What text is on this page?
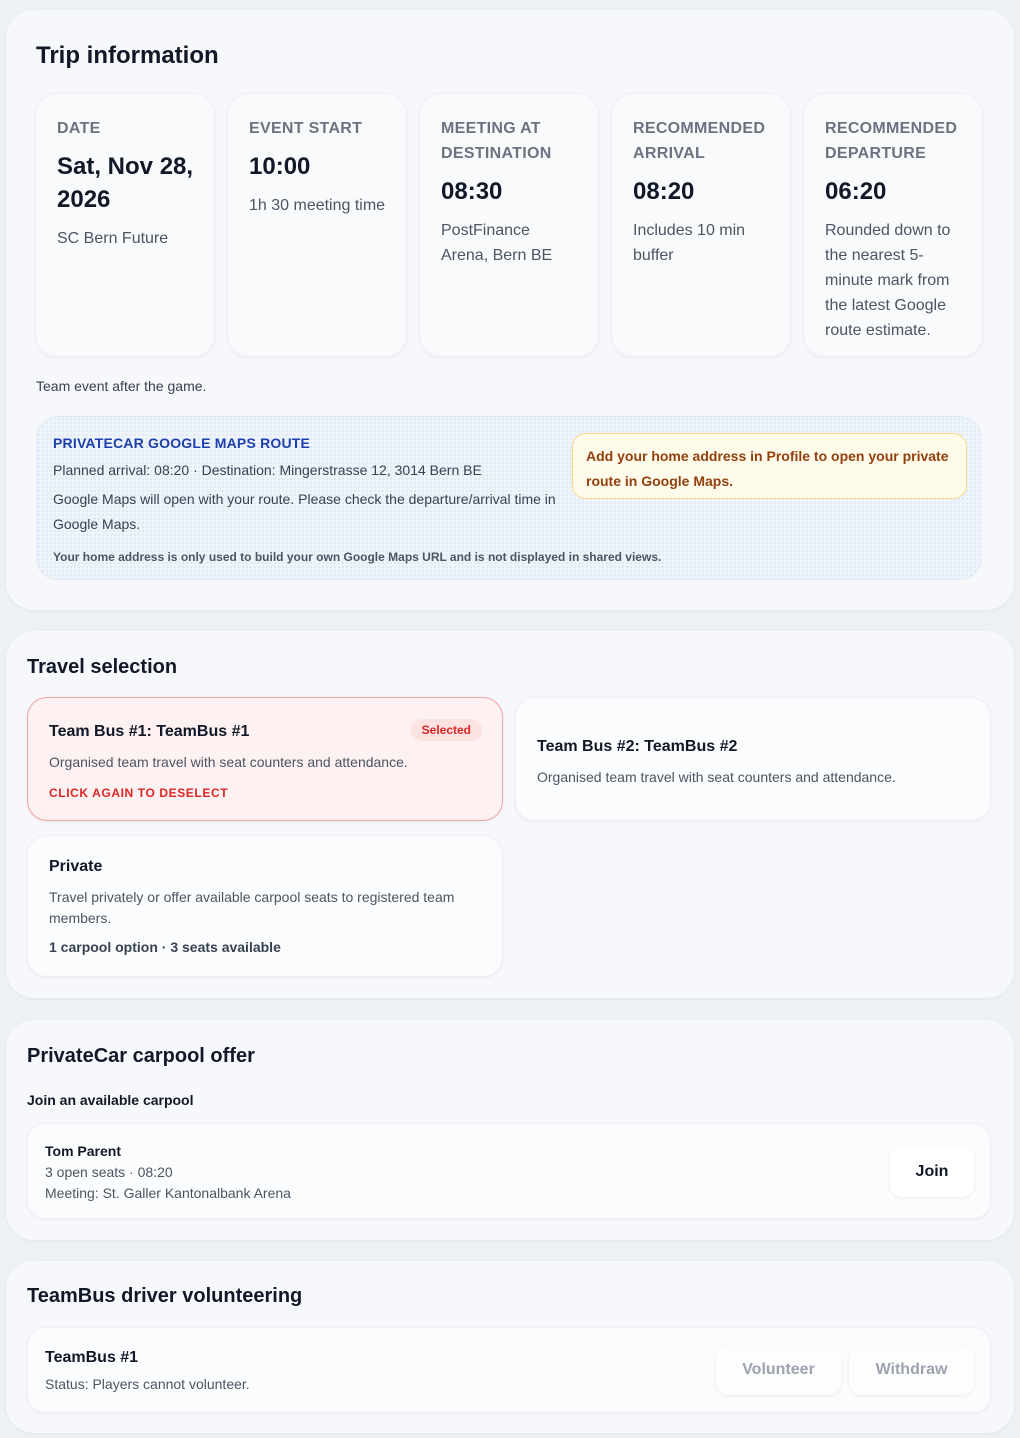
Trip information
DATE
Sat, Nov 28, 2026
SC Bern Future
EVENT START
10:00
1h 30 meeting time
MEETING AT DESTINATION
08:30
PostFinance Arena, Bern BE
RECOMMENDED ARRIVAL
08:20
Includes 10 min buffer
RECOMMENDED DEPARTURE
06:20
Rounded down to the nearest 5-minute mark from the latest Google route estimate.
Team event after the game.
PRIVATECAR GOOGLE MAPS ROUTE
Planned arrival: 08:20 · Destination: Mingerstrasse 12, 3014 Bern BE
Google Maps will open with your route. Please check the departure/arrival time in Google Maps.
Your home address is only used to build your own Google Maps URL and is not displayed in shared views.
Add your home address in Profile to open your private route in Google Maps.
Travel selection
Team Bus #1: TeamBus #1	Selected
Organised team travel with seat counters and attendance.
CLICK AGAIN TO DESELECT
Team Bus #2: TeamBus #2
Organised team travel with seat counters and attendance.
Private
Travel privately or offer available carpool seats to registered team members.
1 carpool option · 3 seats available
PrivateCar carpool offer
Join an available carpool
Tom Parent
3 open seats · 08:20
Meeting: St. Galler Kantonalbank Arena
Join
TeamBus driver volunteering
TeamBus #1
Status: Players cannot volunteer.
Volunteer	Withdraw
